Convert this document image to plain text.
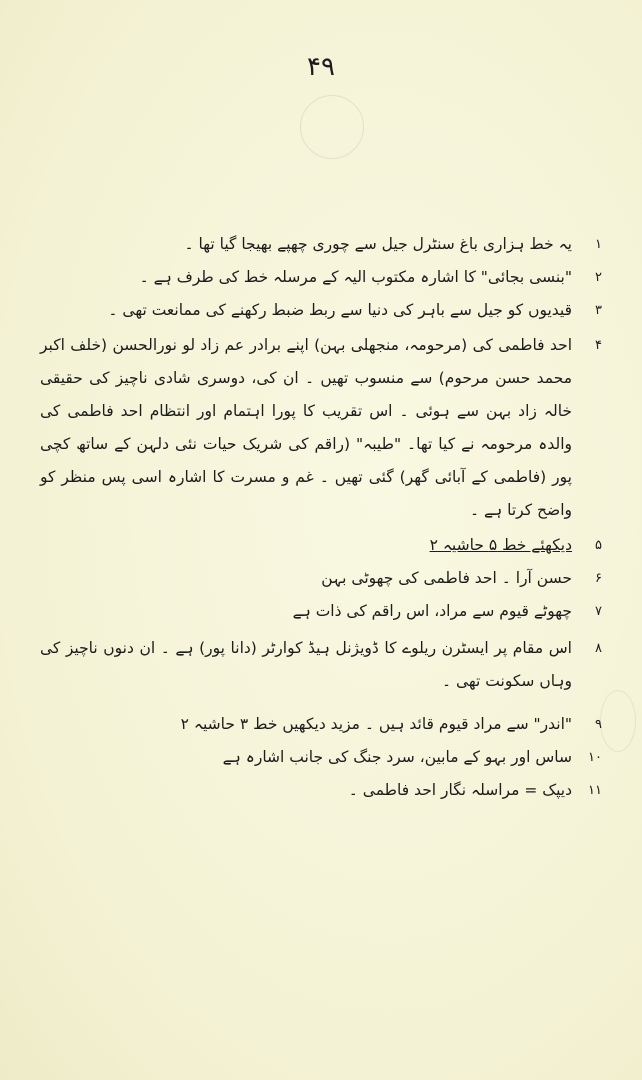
۴۹
۱
یہ خط ہزاری باغ سنٹرل جیل سے چوری چھپے بھیجا گیا تھا ۔
۲
"بنسی بجائی" کا اشارہ مکتوب الیہ کے مرسلہ خط کی طرف ہے ۔
۳
قیدیوں کو جیل سے باہر کی دنیا سے ربط ضبط رکھنے کی ممانعت تھی ۔
۴
احد فاطمی کی (مرحومہ، منجھلی بہن) اپنے برادر عم زاد لو نورالحسن (خلف اکبر محمد حسن مرحوم) سے منسوب تھیں ۔ ان کی، دوسری شادی ناچیز کی حقیقی خالہ زاد بہن سے ہوئی ۔ اس تقریب کا پورا اہتمام اور انتظام احد فاطمی کی والدہ مرحومہ نے کیا تھا۔ "طیبہ" (راقم کی شریک حیات نئی دلہن کے ساتھ کچی پور (فاطمی کے آبائی گھر) گئی تھیں ۔ غم و مسرت کا اشارہ اسی پس منظر کو واضح کرتا ہے ۔
۵
دیکھئے خط ۵ حاشیہ ۲
۶
حسن آرا ۔ احد فاطمی کی چھوٹی بہن
۷
چھوٹے قیوم سے مراد، اس راقم کی ذات ہے
۸
اس مقام پر ایسٹرن ریلوے کا ڈویژنل ہیڈ کوارٹر (دانا پور) ہے ۔ ان دنوں ناچیز کی وہاں سکونت تھی ۔
۹
"اندر" سے مراد قیوم قائد ہیں ۔ مزید دیکھیں خط ۳ حاشیہ ۲
۱۰
ساس اور بہو کے مابین، سرد جنگ کی جانب اشارہ ہے
۱۱
دیپک = مراسلہ نگار احد فاطمی ۔
